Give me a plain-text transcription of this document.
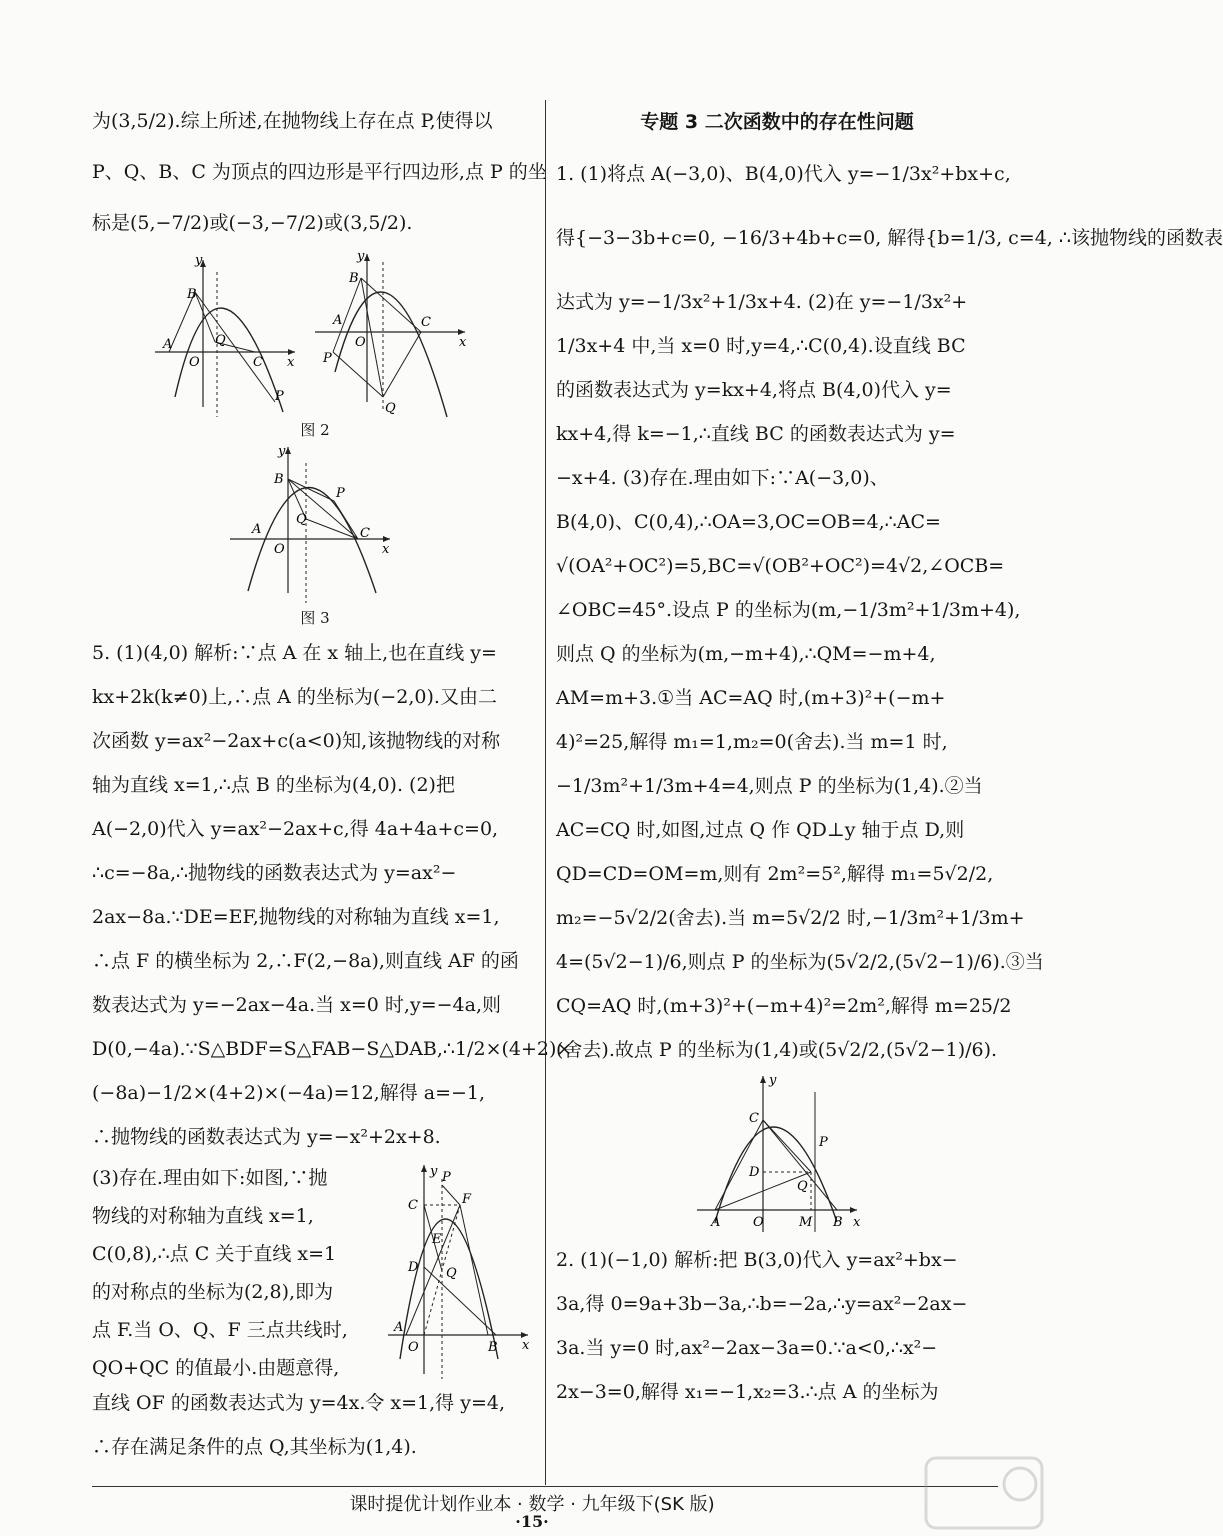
为(3,5/2).综上所述,在抛物线上存在点 P,使得以
P、Q、B、C 为顶点的四边形是平行四边形,点 P 的坐
标是(5,−7/2)或(−3,−7/2)或(3,5/2).
y
B
A
O
Q
C x
P
y
B
A
O
C
x
P
Q
图 2
y
B
A
O
Q
P
C
x
图 3
5. (1)(4,0) 解析:∵点 A 在 x 轴上,也在直线 y=
kx+2k(k≠0)上,∴点 A 的坐标为(−2,0).又由二
次函数 y=ax²−2ax+c(a<0)知,该抛物线的对称
轴为直线 x=1,∴点 B 的坐标为(4,0). (2)把
A(−2,0)代入 y=ax²−2ax+c,得 4a+4a+c=0,
∴c=−8a,∴抛物线的函数表达式为 y=ax²−
2ax−8a.∵DE=EF,抛物线的对称轴为直线 x=1,
∴点 F 的横坐标为 2,∴F(2,−8a),则直线 AF 的函
数表达式为 y=−2ax−4a.当 x=0 时,y=−4a,则
D(0,−4a).∵S△BDF=S△FAB−S△DAB,∴1/2×(4+2)×
(−8a)−1/2×(4+2)×(−4a)=12,解得 a=−1,
∴抛物线的函数表达式为 y=−x²+2x+8.
(3)存在.理由如下:如图,∵抛
物线的对称轴为直线 x=1,
C(0,8),∴点 C 关于直线 x=1
的对称点的坐标为(2,8),即为
点 F.当 O、Q、F 三点共线时,
QO+QC 的值最小.由题意得,
y P
C	F
E
D Q
A
O	B x
直线 OF 的函数表达式为 y=4x.令 x=1,得 y=4,
∴存在满足条件的点 Q,其坐标为(1,4).
专题 3 二次函数中的存在性问题
1. (1)将点 A(−3,0)、B(4,0)代入 y=−1/3x²+bx+c,
得{−3−3b+c=0, −16/3+4b+c=0, 解得{b=1/3, c=4, ∴该抛物线的函数表
达式为 y=−1/3x²+1/3x+4. (2)在 y=−1/3x²+
1/3x+4 中,当 x=0 时,y=4,∴C(0,4).设直线 BC
的函数表达式为 y=kx+4,将点 B(4,0)代入 y=
kx+4,得 k=−1,∴直线 BC 的函数表达式为 y=
−x+4. (3)存在.理由如下:∵A(−3,0)、
B(4,0)、C(0,4),∴OA=3,OC=OB=4,∴AC=
√(OA²+OC²)=5,BC=√(OB²+OC²)=4√2,∠OCB=
∠OBC=45°.设点 P 的坐标为(m,−1/3m²+1/3m+4),
则点 Q 的坐标为(m,−m+4),∴QM=−m+4,
AM=m+3.①当 AC=AQ 时,(m+3)²+(−m+
4)²=25,解得 m₁=1,m₂=0(舍去).当 m=1 时,
−1/3m²+1/3m+4=4,则点 P 的坐标为(1,4).②当
AC=CQ 时,如图,过点 Q 作 QD⊥y 轴于点 D,则
QD=CD=OM=m,则有 2m²=5²,解得 m₁=5√2/2,
m₂=−5√2/2(舍去).当 m=5√2/2 时,−1/3m²+1/3m+
4=(5√2−1)/6,则点 P 的坐标为(5√2/2,(5√2−1)/6).③当
CQ=AQ 时,(m+3)²+(−m+4)²=2m²,解得 m=25/2
(舍去).故点 P 的坐标为(1,4)或(5√2/2,(5√2−1)/6).
y
C
P
D
Q
A	O	M B x
2. (1)(−1,0) 解析:把 B(3,0)代入 y=ax²+bx−
3a,得 0=9a+3b−3a,∴b=−2a,∴y=ax²−2ax−
3a.当 y=0 时,ax²−2ax−3a=0.∵a<0,∴x²−
2x−3=0,解得 x₁=−1,x₂=3.∴点 A 的坐标为
课时提优计划作业本 · 数学 · 九年级下(SK 版)
·15·
